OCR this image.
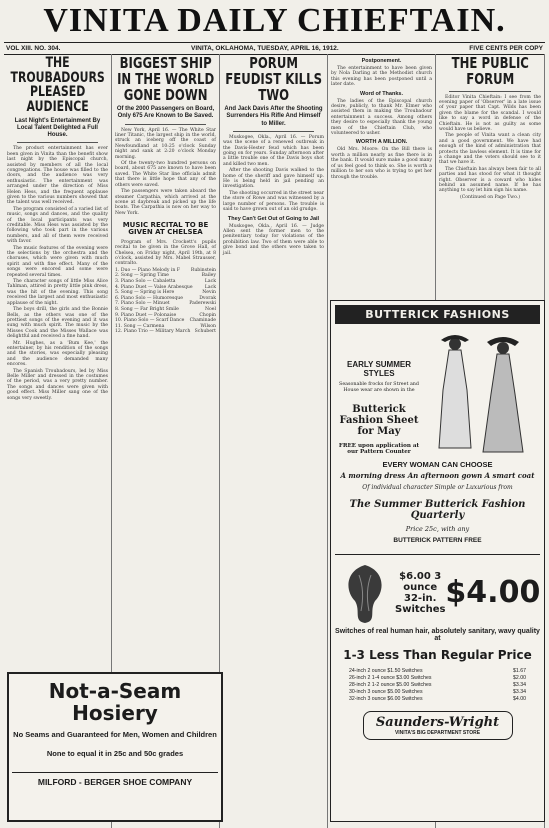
VINITA DAILY CHIEFTAIN.
VOL XIII. NO. 304.	VINITA, OKLAHOMA, TUESDAY, APRIL 16, 1912.	FIVE CENTS PER COPY
THE TROUBADOURS PLEASED AUDIENCE
Last Night's Entertainment By Local Talent Delighted a Full House.

The product entertainment has ever been given in Vinita than the benefit show last night by the Episcopal church, assisted by members of all the local congregations. The house was filled to the doors, and the audience was very enthusiastic. The entertainment was arranged under the direction of Miss Helen Hess, and the frequent applause given to the various numbers showed that the talent was well received.

The program consisted of a varied list of music, songs and dances, and the quality of the local participants was very creditable. Miss Hess was assisted by the following who took part in the various numbers, and all of them were received with favor.

The music features of the evening were the selections by the orchestra and the choruses, which were given with much spirit and with fine effect. Many of the songs were encored and some were repeated several times.

The character songs of little Miss Alice Tahlman, attired in pretty little pink dress, was the hit of the evening. This song received the largest and most enthusiastic applause of the night.

The boys drill, the girls and the Bonnie Bells, as the others was one of the prettiest songs of the evening and it was sung with much spirit. The music by the Misses Cook and the Misses Wallace was delightful and received a fine hand.

Mr. Hughes, as a 'Bum Kee,' the entertainer, by his rendition of the songs and the stories, was especially pleasing and the audience demanded many encores.

The Spanish Troubadours, led by Miss Belle Miller and dressed in the costumes of the period, was a very pretty number. The songs and dances were given with good effect. Miss Miller sang one of the songs very sweetly.

BIGGEST SHIP IN THE WORLD GONE DOWN
Of the 2000 Passengers on Board, Only 675 Are Known to Be Saved.

New York, April 16. — The White Star liner Titanic, the largest ship in the world, struck an iceberg off the coast of Newfoundland at 10:25 o'clock Sunday night and sank at 2:20 o'clock Monday morning.

Of the twenty-two hundred persons on board, about 675 are known to have been saved. The White Star line officials admit that there is little hope that any of the others were saved.

The passengers were taken aboard the steamer Carpathia, which arrived at the scene at daybreak and picked up the life boats. The Carpathia is now on her way to New York.

MUSIC RECITAL TO BE GIVEN AT CHELSEA

Program of Mrs. Crockett's pupils recital to be given in the Grove Hall, of Chelsea, on Friday night, April 19th, at 8 o'clock, assisted by Mrs. Mabel Strausser, contralto.

1. Duo — Piano Melody in F Rubinstein
2. Song — Spring Time	Bailey
3. Piano Solo — Cabaletta	Lack
4. Piano Duet — Valse Arabesque	Lack
5. Song — Spring is Here	Nevin
6. Piano Solo — Humoresque	Dvorak
7. Piano Solo — Minuet	Paderewski
8. Song — Far Bright Smile	Noel
9. Piano Duet — Polonaise	Chopin
10. Piano Solo — Scarf Dance Chaminade
11. Song — Carmena	Wilson
12. Piano Trio — Military March Schubert
PORUM FEUDIST KILLS TWO
And Jack Davis After the Shooting Surrenders His Rifle And Himself to Miller.

Muskogee, Okla., April 16. — Porum was the scene of a renewed outbreak in the Davis-Hester feud which has been going on for years. Sunday afternoon after a little trouble one of the Davis boys shot and killed two men.

After the shooting Davis walked to the home of the sheriff and gave himself up. He is being held in jail pending an investigation.

The shooting occurred in the street near the store of Rowe and was witnessed by a large number of persons. The trouble is said to have grown out of an old grudge.

They Can't Get Out of Going to Jail

Muskogee, Okla., April 16. — Judge Allen sent the former men to the penitentiary today for violations of the prohibition law. Two of them were able to give bond and the others were taken to jail.

Postponement.

The entertainment to have been given by Nola Darling at the Methodist church this evening has been postponed until a later date.

Word of Thanks.

The ladies of the Episcopal church desire, publicly, to thank Mr. Elmer who assisted them in making the Troubadour entertainment a success. Among others they desire to especially thank the young men of the Chieftain Club, who volunteered to usher.

WORTH A MILLION.

Old Mrs. Moore: On the Bill there is worth a million nearly as fine there is in the bank. It would sure make a good many of us feel good to think so. She is worth a million to her son who is trying to get her through the trouble.

THE PUBLIC FORUM

Editor Vinita Chieftain: I see from the evening paper of 'Observer' in a late issue of your paper that Capt. Wilds has been given the blame for the scandal. I would like to say a word in defense of the Chieftain. He is not as guilty as some would have us believe.

The people of Vinita want a clean city and a good government. We have had enough of the kind of administration that protects the lawless element. It is time for a change and the voters should see to it that we have it.

The Chieftain has always been fair to all parties and has stood for what it thought right. Observer is a coward who hides behind an assumed name. If he has anything to say let him sign his name.

(Continued on Page Two.)

Not-a-Seam Hosiery
No Seams and Guaranteed for Men, Women and Children
None to equal it in 25c and 50c grades
MILFORD - BERGER SHOE COMPANY
BUTTERICK FASHIONS
EARLY SUMMER STYLES
Seasonable frocks for Street and House wear are shown in the
Butterick Fashion Sheet for May
FREE upon application at our Pattern Counter
EVERY WOMAN CAN CHOOSE
A morning dress An afternoon gown A smart coat
Of individual character Simple or Luxurious from
The Summer Butterick Fashion Quarterly
Price 25c, with any
BUTTERICK PATTERN FREE
$6.00 3 ounce
32-in. Switches $4.00
Switches of real human hair, absolutely sanitary, wavy quality at
1-3 Less Than Regular Price
24-inch 2 ounce $1.50 Switches	$1.67
26-inch 2 1-4 ounce $3.00 Switches	$2.00
28-inch 2 1-2 ounce $5.00 Switches	$3.34
30-inch 3 ounce $5.00 Switches	$3.34
32-inch 3 ounce $6.00 Switches	$4.00
Saunders-Wright
VINITA'S BIG DEPARTMENT STORE
